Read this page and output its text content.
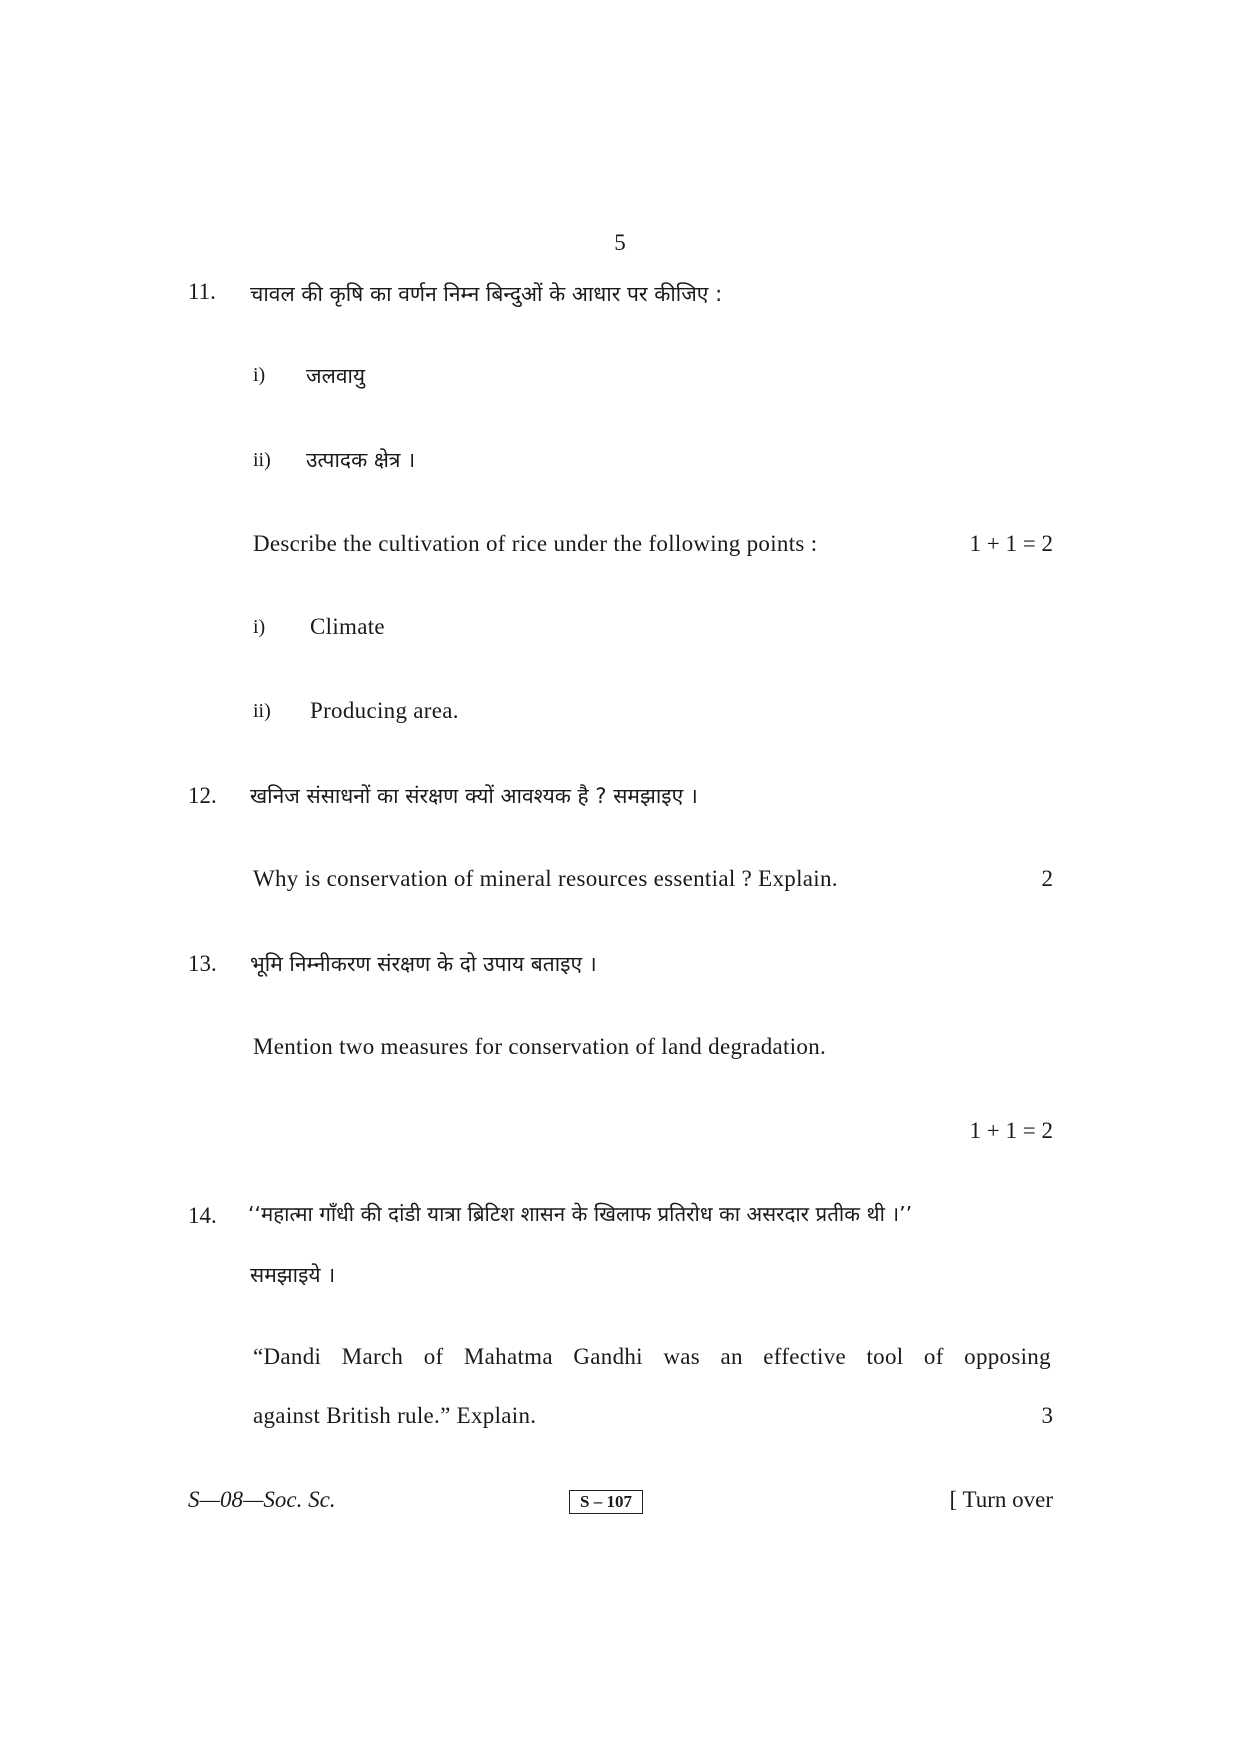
5
11. चावल की कृषि का वर्णन निम्न बिन्दुओं के आधार पर कीजिए :
i) जलवायु
ii) उत्पादक क्षेत्र ।
Describe the cultivation of rice under the following points :	1 + 1 = 2
i) Climate
ii) Producing area.
12. खनिज संसाधनों का संरक्षण क्यों आवश्यक है ? समझाइए ।
Why is conservation of mineral resources essential ? Explain.	2
13. भूमि निम्नीकरण संरक्षण के दो उपाय बताइए ।
Mention two measures for conservation of land degradation.
1 + 1 = 2
14. ‘‘महात्मा गाँधी की दांडी यात्रा ब्रिटिश शासन के खिलाफ प्रतिरोध का असरदार प्रतीक थी ।’’
समझाइये ।
“Dandi March of Mahatma Gandhi was an effective tool of opposing
against British rule.” Explain.	3
S—08—Soc. Sc.	S – 107	[ Turn over
